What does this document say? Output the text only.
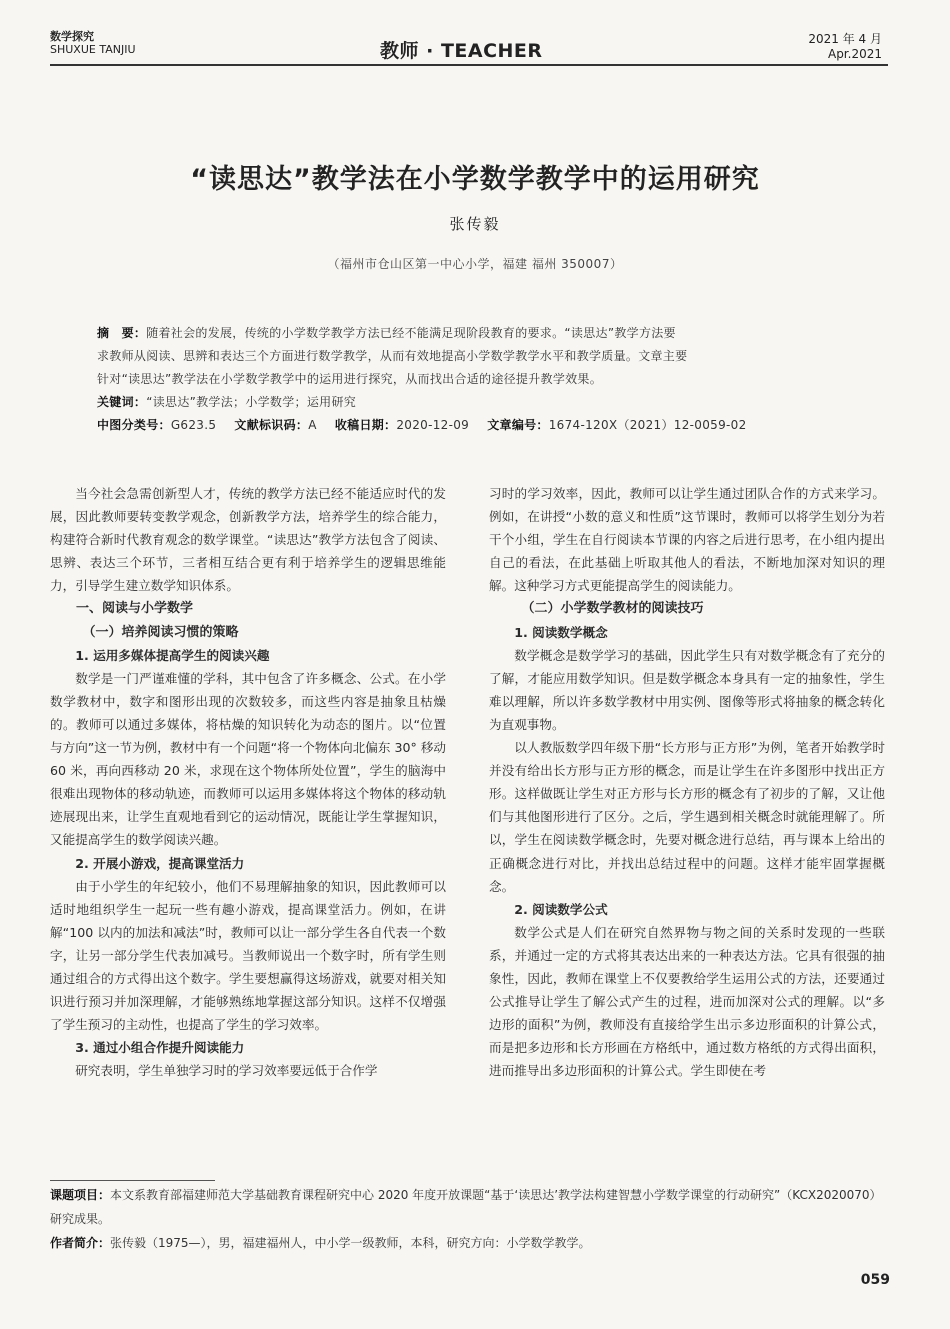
数学探究
SHUXUE TANJIU	教师 · TEACHER
2021 年 4 月
Apr.2021
“读思达”教学法在小学数学教学中的运用研究
张传毅
（福州市仓山区第一中心小学，福建 福州 350007）
摘　要：随着社会的发展，传统的小学数学教学方法已经不能满足现阶段教育的要求。“读思达”教学方法要
求教师从阅读、思辨和表达三个方面进行数学教学，从而有效地提高小学数学教学水平和教学质量。文章主要
针对“读思达”教学法在小学数学教学中的运用进行探究，从而找出合适的途径提升教学效果。
关键词：“读思达”教学法；小学数学；运用研究
中图分类号：G623.5 文献标识码：A 收稿日期：2020-12-09 文章编号：1674-120X（2021）12-0059-02

当今社会急需创新型人才，传统的教学方法已经不能适应时代的发展，因此教师要转变教学观念，创新教学方法，培养学生的综合能力，构建符合新时代教育观念的数学课堂。“读思达”教学方法包含了阅读、思辨、表达三个环节，三者相互结合更有利于培养学生的逻辑思维能力，引导学生建立数学知识体系。

一、阅读与小学数学
（一）培养阅读习惯的策略
1. 运用多媒体提高学生的阅读兴趣

数学是一门严谨难懂的学科，其中包含了许多概念、公式。在小学数学教材中，数字和图形出现的次数较多，而这些内容是抽象且枯燥的。教师可以通过多媒体，将枯燥的知识转化为动态的图片。以“位置与方向”这一节为例，教材中有一个问题“将一个物体向北偏东 30° 移动 60 米，再向西移动 20 米，求现在这个物体所处位置”，学生的脑海中很难出现物体的移动轨迹，而教师可以运用多媒体将这个物体的移动轨迹展现出来，让学生直观地看到它的运动情况，既能让学生掌握知识，又能提高学生的数学阅读兴趣。

2. 开展小游戏，提高课堂活力

由于小学生的年纪较小，他们不易理解抽象的知识，因此教师可以适时地组织学生一起玩一些有趣小游戏，提高课堂活力。例如，在讲解“100 以内的加法和减法”时，教师可以让一部分学生各自代表一个数字，让另一部分学生代表加减号。当教师说出一个数字时，所有学生则通过组合的方式得出这个数字。学生要想赢得这场游戏，就要对相关知识进行预习并加深理解，才能够熟练地掌握这部分知识。这样不仅增强了学生预习的主动性，也提高了学生的学习效率。

3. 通过小组合作提升阅读能力

研究表明，学生单独学习时的学习效率要远低于合作学

习时的学习效率，因此，教师可以让学生通过团队合作的方式来学习。例如，在讲授“小数的意义和性质”这节课时，教师可以将学生划分为若干个小组，学生在自行阅读本节课的内容之后进行思考，在小组内提出自己的看法，在此基础上听取其他人的看法，不断地加深对知识的理解。这种学习方式更能提高学生的阅读能力。

（二）小学数学教材的阅读技巧
1. 阅读数学概念

数学概念是数学学习的基础，因此学生只有对数学概念有了充分的了解，才能应用数学知识。但是数学概念本身具有一定的抽象性，学生难以理解，所以许多数学教材中用实例、图像等形式将抽象的概念转化为直观事物。

以人教版数学四年级下册“长方形与正方形”为例，笔者开始教学时并没有给出长方形与正方形的概念，而是让学生在许多图形中找出正方形。这样做既让学生对正方形与长方形的概念有了初步的了解，又让他们与其他图形进行了区分。之后，学生遇到相关概念时就能理解了。所以，学生在阅读数学概念时，先要对概念进行总结，再与课本上给出的正确概念进行对比，并找出总结过程中的问题。这样才能牢固掌握概念。

2. 阅读数学公式

数学公式是人们在研究自然界物与物之间的关系时发现的一些联系，并通过一定的方式将其表达出来的一种表达方法。它具有很强的抽象性，因此，教师在课堂上不仅要教给学生运用公式的方法，还要通过公式推导让学生了解公式产生的过程，进而加深对公式的理解。以“多边形的面积”为例，教师没有直接给学生出示多边形面积的计算公式，而是把多边形和长方形画在方格纸中，通过数方格纸的方式得出面积，进而推导出多边形面积的计算公式。学生即使在考

课题项目：本文系教育部福建师范大学基础教育课程研究中心 2020 年度开放课题“基于‘读思达’教学法构建智慧小学数学课堂的行动研究”（KCX2020070）研究成果。

作者简介：张传毅（1975—），男，福建福州人，中小学一级教师，本科，研究方向：小学数学教学。

059
